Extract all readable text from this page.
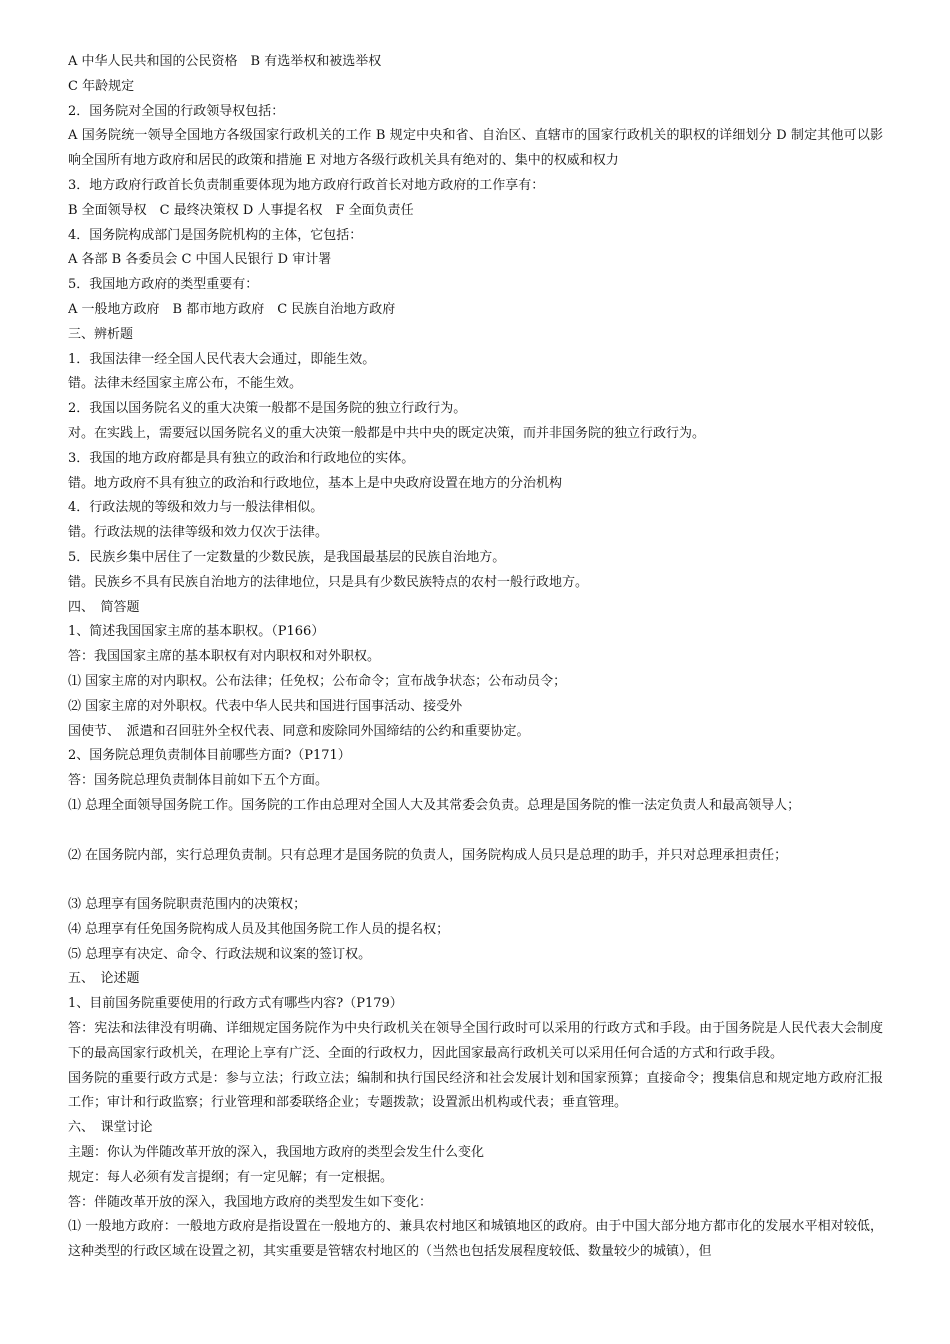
A 中华人民共和国的公民资格　B 有选举权和被选举权
C 年龄规定
2．国务院对全国的行政领导权包括：
A 国务院统一领导全国地方各级国家行政机关的工作 B 规定中央和省、自治区、直辖市的国家行政机关的职权的详细划分 D 制定其他可以影响全国所有地方政府和居民的政策和措施 E 对地方各级行政机关具有绝对的、集中的权威和权力
3．地方政府行政首长负责制重要体现为地方政府行政首长对地方政府的工作享有：
B 全面领导权　C 最终决策权 D 人事提名权　F 全面负责任
4．国务院构成部门是国务院机构的主体，它包括：
A 各部 B 各委员会 C 中国人民银行 D 审计署
5．我国地方政府的类型重要有：
A 一般地方政府　B 都市地方政府　C 民族自治地方政府
三、辨析题
1．我国法律一经全国人民代表大会通过，即能生效。
错。法律未经国家主席公布，不能生效。
2．我国以国务院名义的重大决策一般都不是国务院的独立行政行为。
对。在实践上，需要冠以国务院名义的重大决策一般都是中共中央的既定决策，而并非国务院的独立行政行为。
3．我国的地方政府都是具有独立的政治和行政地位的实体。
错。地方政府不具有独立的政治和行政地位，基本上是中央政府设置在地方的分治机构
4．行政法规的等级和效力与一般法律相似。
错。行政法规的法律等级和效力仅次于法律。
5．民族乡集中居住了一定数量的少数民族，是我国最基层的民族自治地方。
错。民族乡不具有民族自治地方的法律地位，只是具有少数民族特点的农村一般行政地方。
四、　简答题
1、简述我国国家主席的基本职权。（P166）
答：我国国家主席的基本职权有对内职权和对外职权。
⑴ 国家主席的对内职权。公布法律；任免权；公布命令；宣布战争状态；公布动员令；
⑵ 国家主席的对外职权。代表中华人民共和国进行国事活动、接受外
国使节、　派遣和召回驻外全权代表、同意和废除同外国缔结的公约和重要协定。
2、国务院总理负责制体目前哪些方面?（P171）
答：国务院总理负责制体目前如下五个方面。
⑴ 总理全面领导国务院工作。国务院的工作由总理对全国人大及其常委会负责。总理是国务院的惟一法定负责人和最高领导人；
⑵ 在国务院内部，实行总理负责制。只有总理才是国务院的负责人，国务院构成人员只是总理的助手，并只对总理承担责任；
⑶ 总理享有国务院职责范围内的决策权；
⑷ 总理享有任免国务院构成人员及其他国务院工作人员的提名权；
⑸ 总理享有决定、命令、行政法规和议案的签订权。
五、　论述题
1、目前国务院重要使用的行政方式有哪些内容?（P179）
答：宪法和法律没有明确、详细规定国务院作为中央行政机关在领导全国行政时可以采用的行政方式和手段。由于国务院是人民代表大会制度下的最高国家行政机关，在理论上享有广泛、全面的行政权力，因此国家最高行政机关可以采用任何合适的方式和行政手段。
国务院的重要行政方式是：参与立法；行政立法；编制和执行国民经济和社会发展计划和国家预算；直接命令；搜集信息和规定地方政府汇报工作；审计和行政监察；行业管理和部委联络企业；专题拨款；设置派出机构或代表；垂直管理。
六、　课堂讨论
主题：你认为伴随改革开放的深入，我国地方政府的类型会发生什么变化
规定：每人必须有发言提纲；有一定见解；有一定根据。
答：伴随改革开放的深入，我国地方政府的类型发生如下变化：
⑴ 一般地方政府：一般地方政府是指设置在一般地方的、兼具农村地区和城镇地区的政府。由于中国大部分地方都市化的发展水平相对较低，这种类型的行政区域在设置之初，其实重要是管辖农村地区的（当然也包括发展程度较低、数量较少的城镇），但
